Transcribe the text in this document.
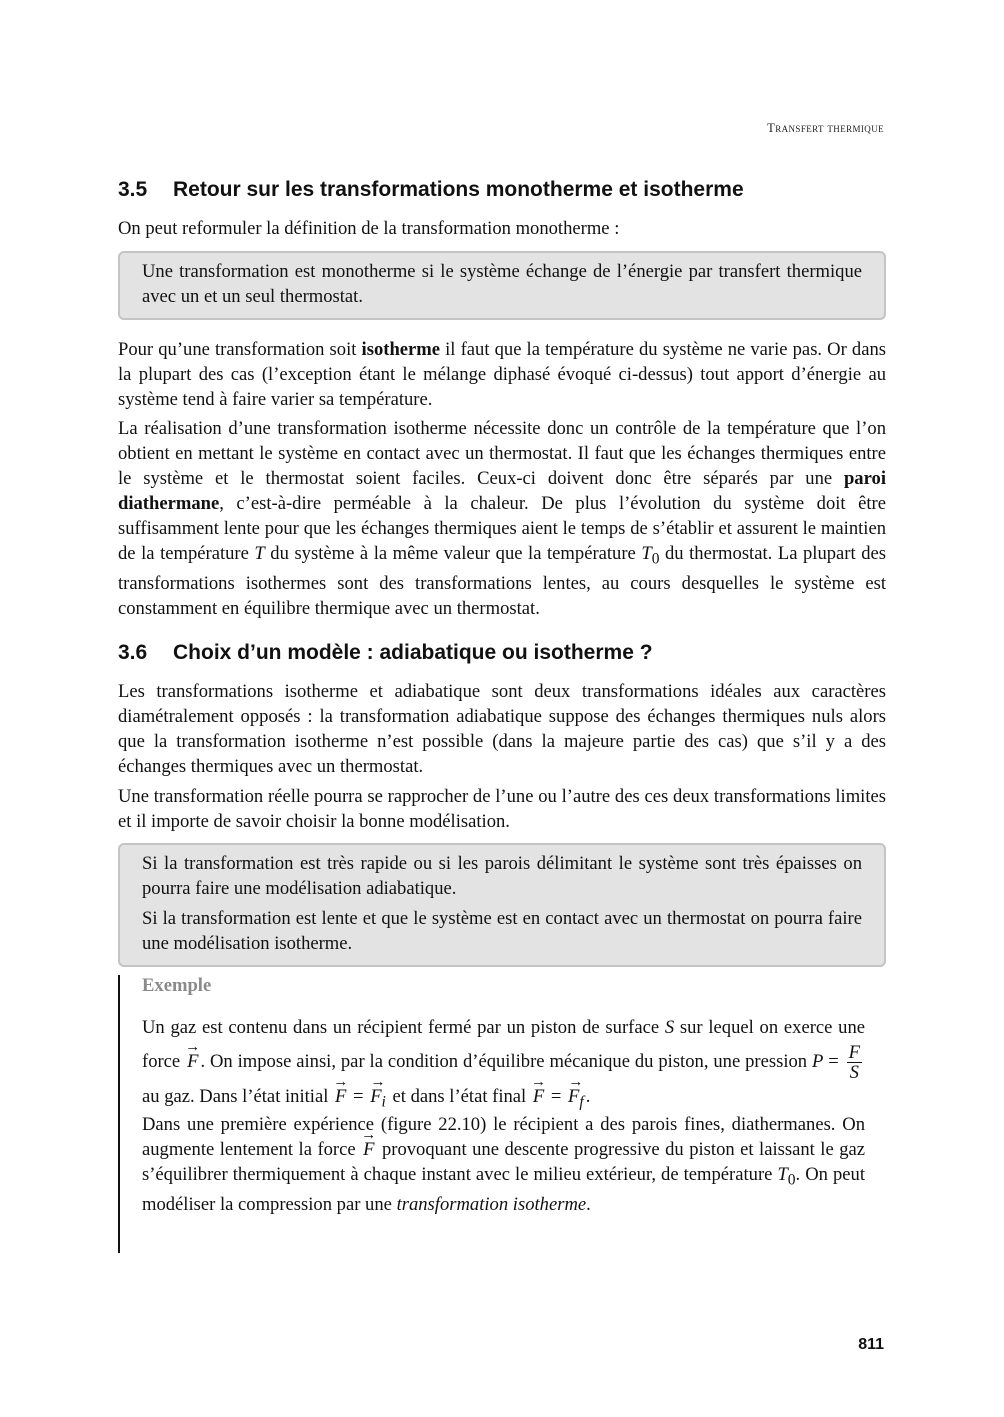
Transfert thermique
3.5 Retour sur les transformations monotherme et isotherme

On peut reformuler la définition de la transformation monotherme :

Une transformation est monotherme si le système échange de l’énergie par transfert thermique avec un et un seul thermostat.

Pour qu’une transformation soit isotherme il faut que la température du système ne varie pas. Or dans la plupart des cas (l’exception étant le mélange diphasé évoqué ci-dessus) tout apport d’énergie au système tend à faire varier sa température.

La réalisation d’une transformation isotherme nécessite donc un contrôle de la température que l’on obtient en mettant le système en contact avec un thermostat. Il faut que les échanges thermiques entre le système et le thermostat soient faciles. Ceux-ci doivent donc être séparés par une paroi diathermane, c’est-à-dire perméable à la chaleur. De plus l’évolution du système doit être suffisamment lente pour que les échanges thermiques aient le temps de s’établir et assurent le maintien de la température T du système à la même valeur que la température $T_0$ du thermostat. La plupart des transformations isothermes sont des transformations lentes, au cours desquelles le système est constamment en équilibre thermique avec un thermostat.

3.6 Choix d’un modèle : adiabatique ou isotherme ?

Les transformations isotherme et adiabatique sont deux transformations idéales aux caractères diamétralement opposés : la transformation adiabatique suppose des échanges thermiques nuls alors que la transformation isotherme n’est possible (dans la majeure partie des cas) que s’il y a des échanges thermiques avec un thermostat.

Une transformation réelle pourra se rapprocher de l’une ou l’autre des ces deux transformations limites et il importe de savoir choisir la bonne modélisation.

Si la transformation est très rapide ou si les parois délimitant le système sont très épaisses on pourra faire une modélisation adiabatique.

Si la transformation est lente et que le système est en contact avec un thermostat on pourra faire une modélisation isotherme.

Exemple

Un gaz est contenu dans un récipient fermé par un piston de surface S sur lequel on exerce une force → F . On impose ainsi, par la condition d’équilibre mécanique du piston, une pression $P = \frac{F}{S}$
au gaz. Dans l’état initial → F = → $F_i$ et dans l’état final → F = → $F_f$ .

Dans une première expérience (figure 22.10) le récipient a des parois fines, diathermanes. On augmente lentement la force → F provoquant une descente progressive du piston et laissant le gaz s’équilibrer thermiquement à chaque instant avec le milieu extérieur, de température $T_0$. On peut modéliser la compression par une transformation isotherme.

811
